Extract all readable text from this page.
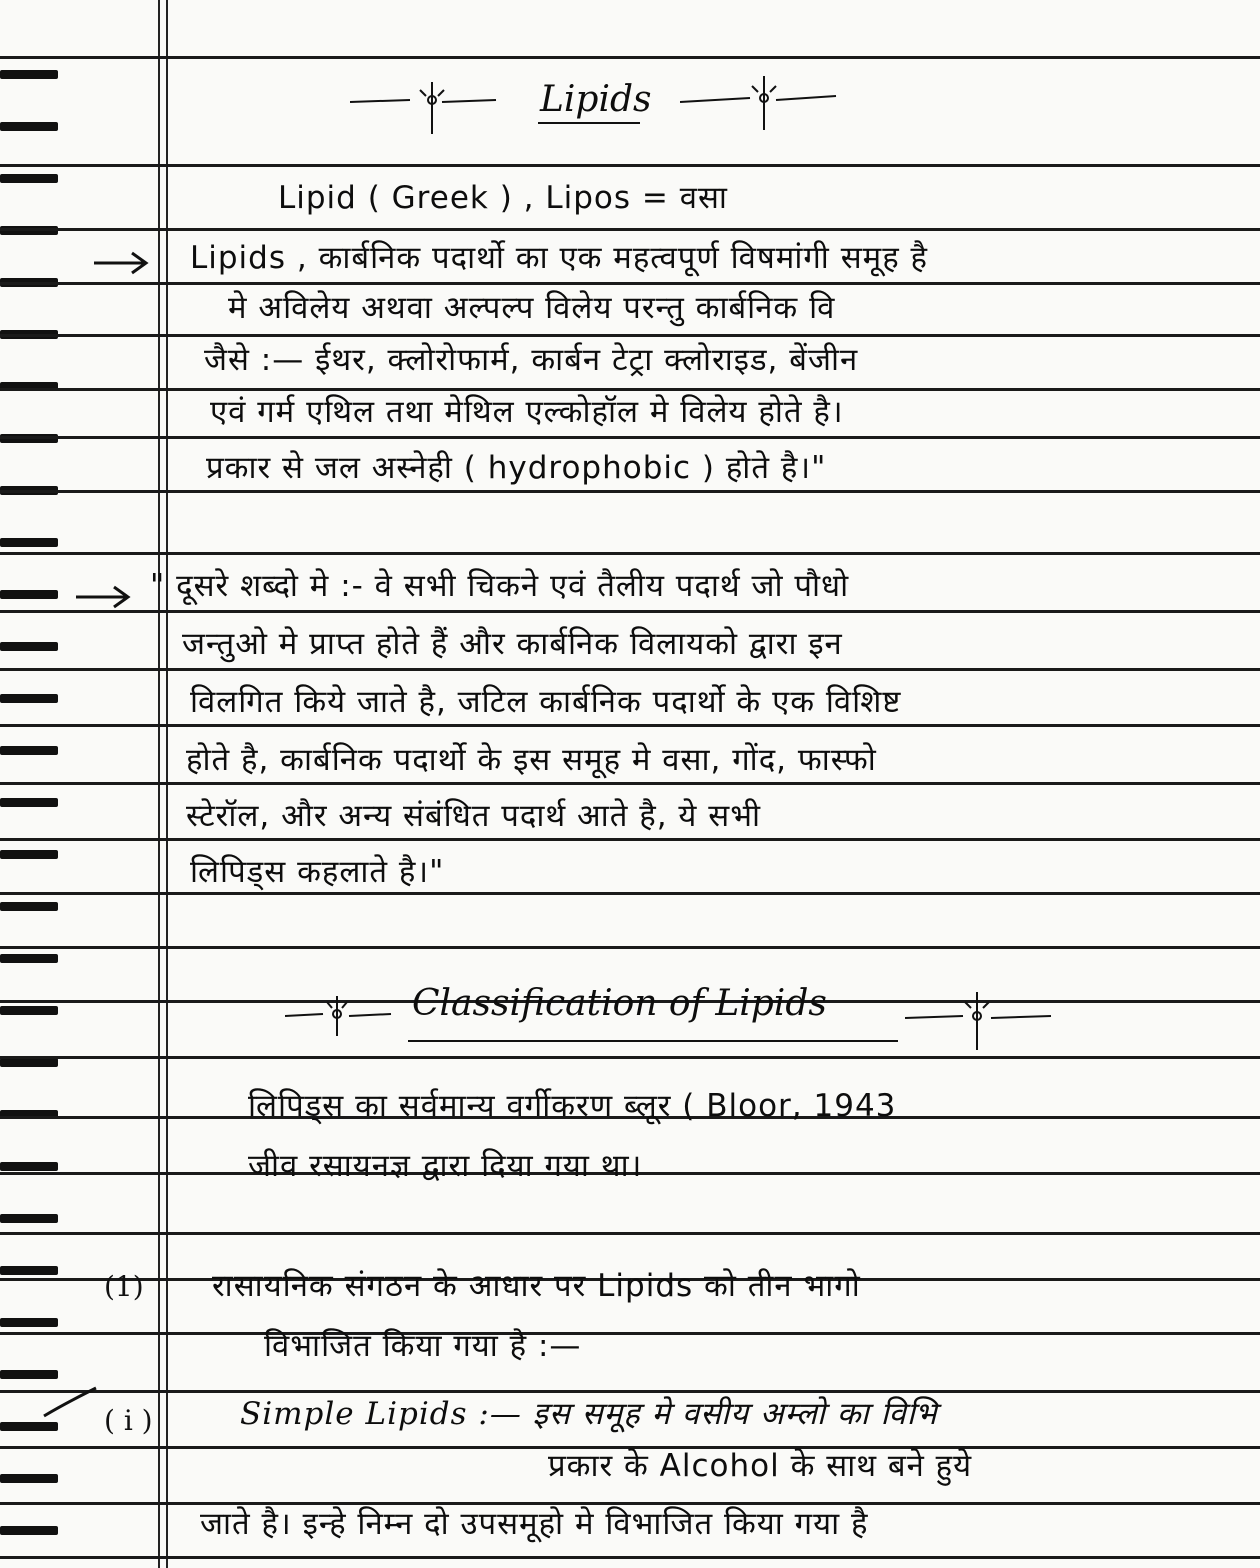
Lipids
Lipid ( Greek ) , Lipos = वसा
Lipids , कार्बनिक पदार्थो का एक महत्वपूर्ण विषमांगी समूह है
मे अविलेय अथवा अल्पल्प विलेय परन्तु कार्बनिक वि
जैसे :— ईथर, क्लोरोफार्म, कार्बन टेट्रा क्लोराइड, बेंजीन
एवं गर्म एथिल तथा मेथिल एल्कोहॉल मे विलेय होते है।
प्रकार से जल अस्नेही ( hydrophobic ) होते है।"
" दूसरे शब्दो मे :- वे सभी चिकने एवं तैलीय पदार्थ जो पौधो
जन्तुओ मे प्राप्त होते हैं और कार्बनिक विलायको द्वारा इन
विलगित किये जाते है, जटिल कार्बनिक पदार्थो के एक विशिष्ट
होते है, कार्बनिक पदार्थो के इस समूह मे वसा, गोंद, फास्फो
स्टेरॉल, और अन्य संबंधित पदार्थ आते है, ये सभी
लिपिड्स कहलाते है।"
Classification of Lipids
लिपिड्स का सर्वमान्य वर्गीकरण ब्लूर ( Bloor, 1943
जीव रसायनज्ञ द्वारा दिया गया था।
(1) रासायनिक संगठन के आधार पर Lipids को तीन भागो
विभाजित किया गया है :—
( i )	Simple Lipids :— इस समूह मे वसीय अम्लो का विभि
प्रकार के Alcohol के साथ बने हुये
जाते है। इन्हे निम्न दो उपसमूहो मे विभाजित किया गया है
